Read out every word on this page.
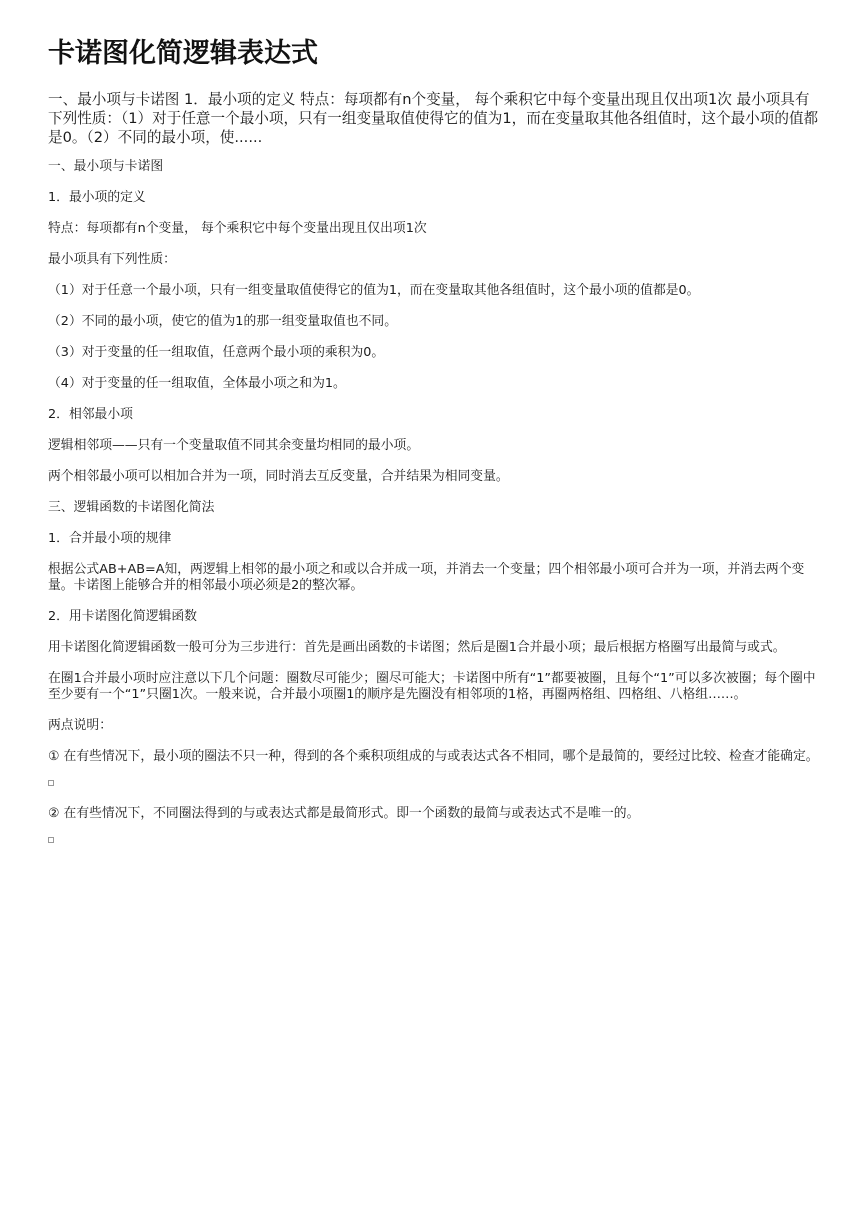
卡诺图化简逻辑表达式

一、最小项与卡诺图 1．最小项的定义 特点：每项都有n个变量， 每个乘积它中每个变量出现且仅出项1次 最小项具有下列性质：（1）对于任意一个最小项，只有一组变量取值使得它的值为1，而在变量取其他各组值时，这个最小项的值都是0。（2）不同的最小项，使......

一、最小项与卡诺图

1．最小项的定义

特点：每项都有n个变量， 每个乘积它中每个变量出现且仅出项1次

最小项具有下列性质：

（1）对于任意一个最小项，只有一组变量取值使得它的值为1，而在变量取其他各组值时，这个最小项的值都是0。

（2）不同的最小项，使它的值为1的那一组变量取值也不同。

（3）对于变量的任一组取值，任意两个最小项的乘积为0。

（4）对于变量的任一组取值，全体最小项之和为1。

2．相邻最小项

逻辑相邻项——只有一个变量取值不同其余变量均相同的最小项。

两个相邻最小项可以相加合并为一项，同时消去互反变量，合并结果为相同变量。

三、逻辑函数的卡诺图化简法

1．合并最小项的规律

根据公式AB+AB=A知，两逻辑上相邻的最小项之和或以合并成一项，并消去一个变量；四个相邻最小项可合并为一项，并消去两个变量。卡诺图上能够合并的相邻最小项必须是2的整次幂。

2．用卡诺图化简逻辑函数

用卡诺图化简逻辑函数一般可分为三步进行：首先是画出函数的卡诺图；然后是圈1合并最小项；最后根据方格圈写出最简与或式。

在圈1合并最小项时应注意以下几个问题：圈数尽可能少；圈尽可能大；卡诺图中所有“1”都要被圈，且每个“1”可以多次被圈；每个圈中至少要有一个“1”只圈1次。一般来说，合并最小项圈1的顺序是先圈没有相邻项的1格，再圈两格组、四格组、八格组……。

两点说明：

① 在有些情况下，最小项的圈法不只一种，得到的各个乘积项组成的与或表达式各不相同，哪个是最简的，要经过比较、检查才能确定。

② 在有些情况下，不同圈法得到的与或表达式都是最简形式。即一个函数的最简与或表达式不是唯一的。
